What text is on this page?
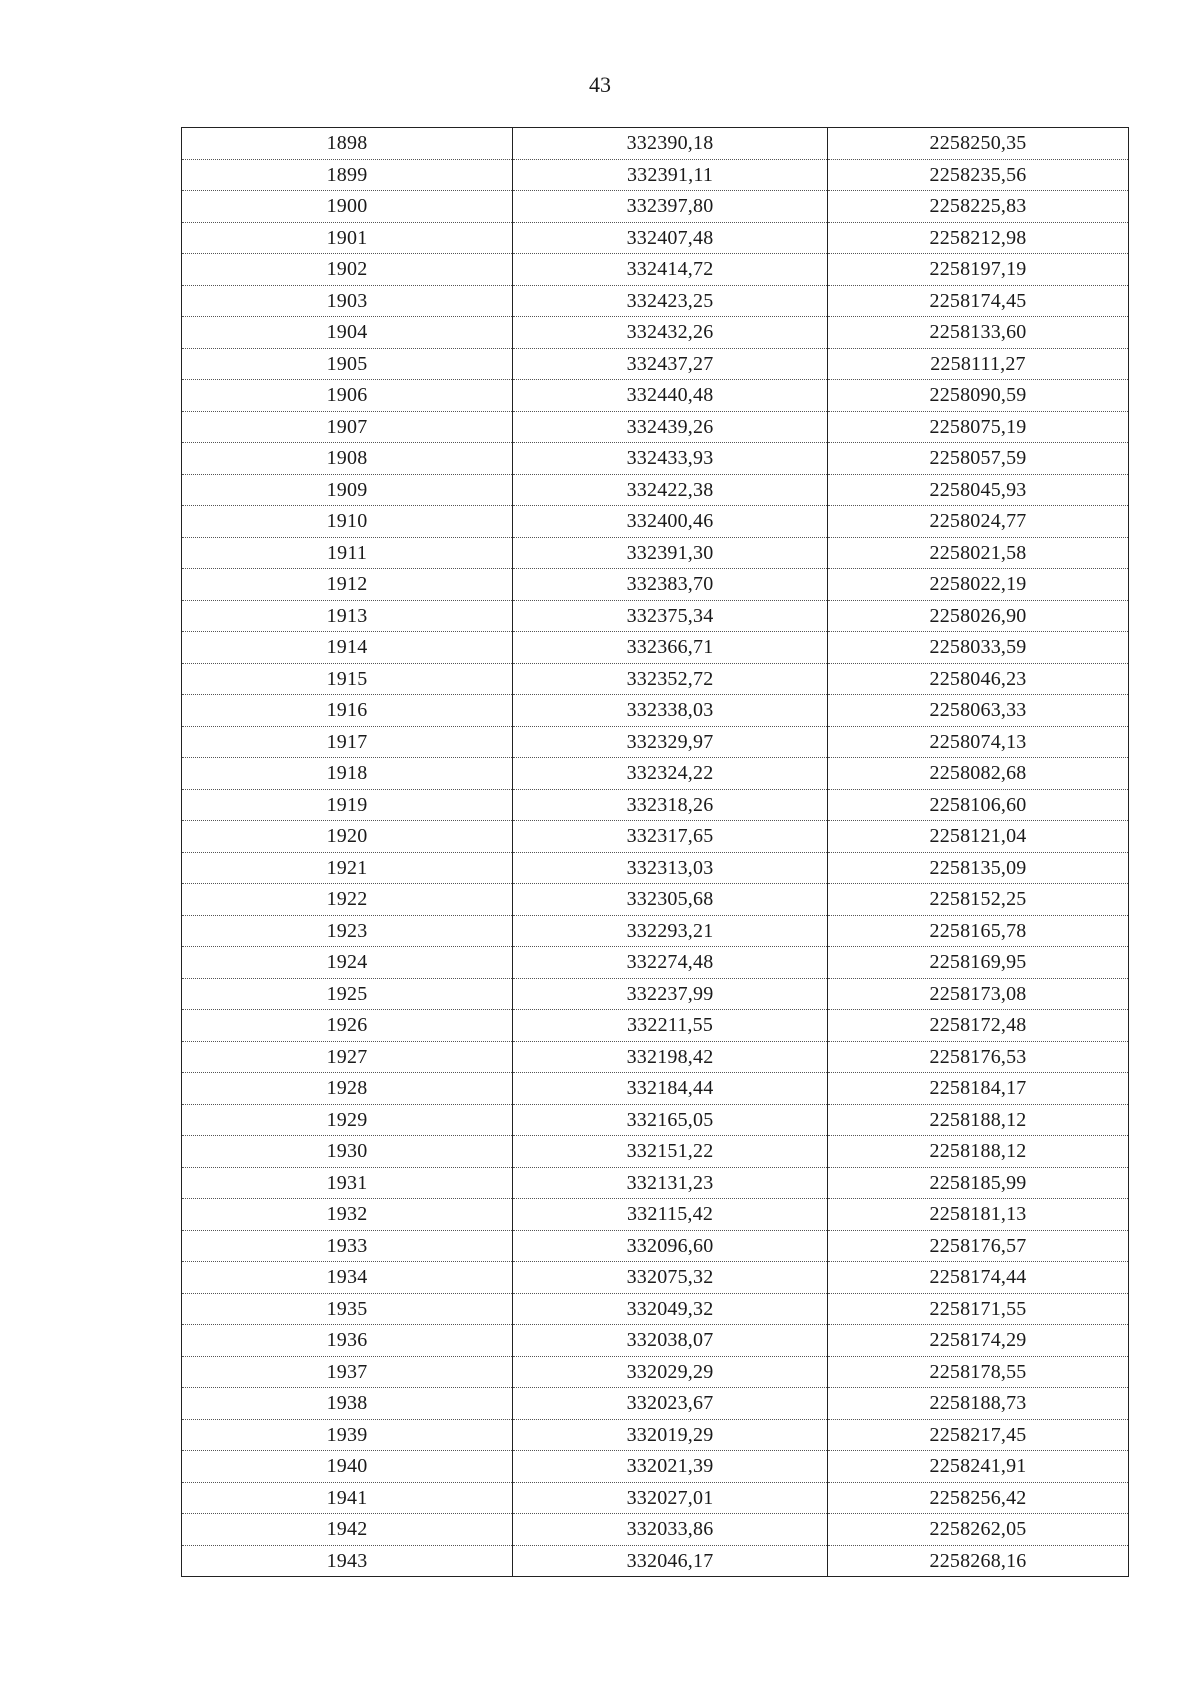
43
1898	332390,18	2258250,35
1899	332391,11	2258235,56
1900	332397,80	2258225,83
1901	332407,48	2258212,98
1902	332414,72	2258197,19
1903	332423,25	2258174,45
1904	332432,26	2258133,60
1905	332437,27	2258111,27
1906	332440,48	2258090,59
1907	332439,26	2258075,19
1908	332433,93	2258057,59
1909	332422,38	2258045,93
1910	332400,46	2258024,77
1911	332391,30	2258021,58
1912	332383,70	2258022,19
1913	332375,34	2258026,90
1914	332366,71	2258033,59
1915	332352,72	2258046,23
1916	332338,03	2258063,33
1917	332329,97	2258074,13
1918	332324,22	2258082,68
1919	332318,26	2258106,60
1920	332317,65	2258121,04
1921	332313,03	2258135,09
1922	332305,68	2258152,25
1923	332293,21	2258165,78
1924	332274,48	2258169,95
1925	332237,99	2258173,08
1926	332211,55	2258172,48
1927	332198,42	2258176,53
1928	332184,44	2258184,17
1929	332165,05	2258188,12
1930	332151,22	2258188,12
1931	332131,23	2258185,99
1932	332115,42	2258181,13
1933	332096,60	2258176,57
1934	332075,32	2258174,44
1935	332049,32	2258171,55
1936	332038,07	2258174,29
1937	332029,29	2258178,55
1938	332023,67	2258188,73
1939	332019,29	2258217,45
1940	332021,39	2258241,91
1941	332027,01	2258256,42
1942	332033,86	2258262,05
1943	332046,17	2258268,16
